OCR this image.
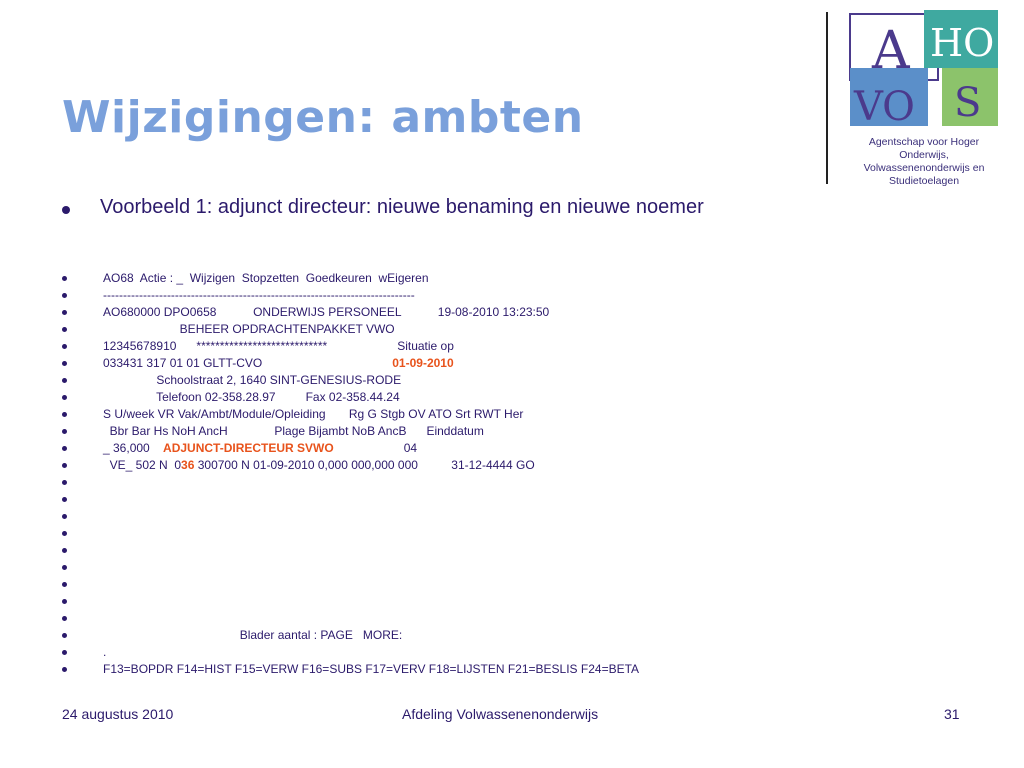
Wijzigingen: ambten
A HO
VO S
Agentschap voor Hoger Onderwijs,
Volwassenenonderwijs en Studietoelagen
Voorbeeld 1: adjunct directeur: nieuwe benaming en nieuwe noemer
AO68  Actie : _  Wijzigen  Stopzetten  Goedkeuren  wEigeren
------------------------------------------------------------------------------
AO680000 DPO0658           ONDERWIJS PERSONEEL           19-08-2010 13:23:50
BEHEER OPDRACHTENPAKKET VWO
12345678910      ****************************                     Situatie op
033431 317 01 01 GLTT-CVO                                       01-09-2010
Schoolstraat 2, 1640 SINT-GENESIUS-RODE
Telefoon 02-358.28.97         Fax 02-358.44.24
S U/week VR Vak/Ambt/Module/Opleiding       Rg G Stgb OV ATO Srt RWT Her
Bbr Bar Hs NoH AncH              Plage Bijambt NoB AncB      Einddatum
_ 36,000    ADJUNCT-DIRECTEUR SVWO                     04
VE_ 502 N  036 300700 N 01-09-2010 0,000 000,000 000          31-12-4444 GO
Blader aantal : PAGE   MORE:
.
F13=BOPDR F14=HIST F15=VERW F16=SUBS F17=VERV F18=LIJSTEN F21=BESLIS F24=BETA
24 augustus 2010	Afdeling Volwassenenonderwijs	31
